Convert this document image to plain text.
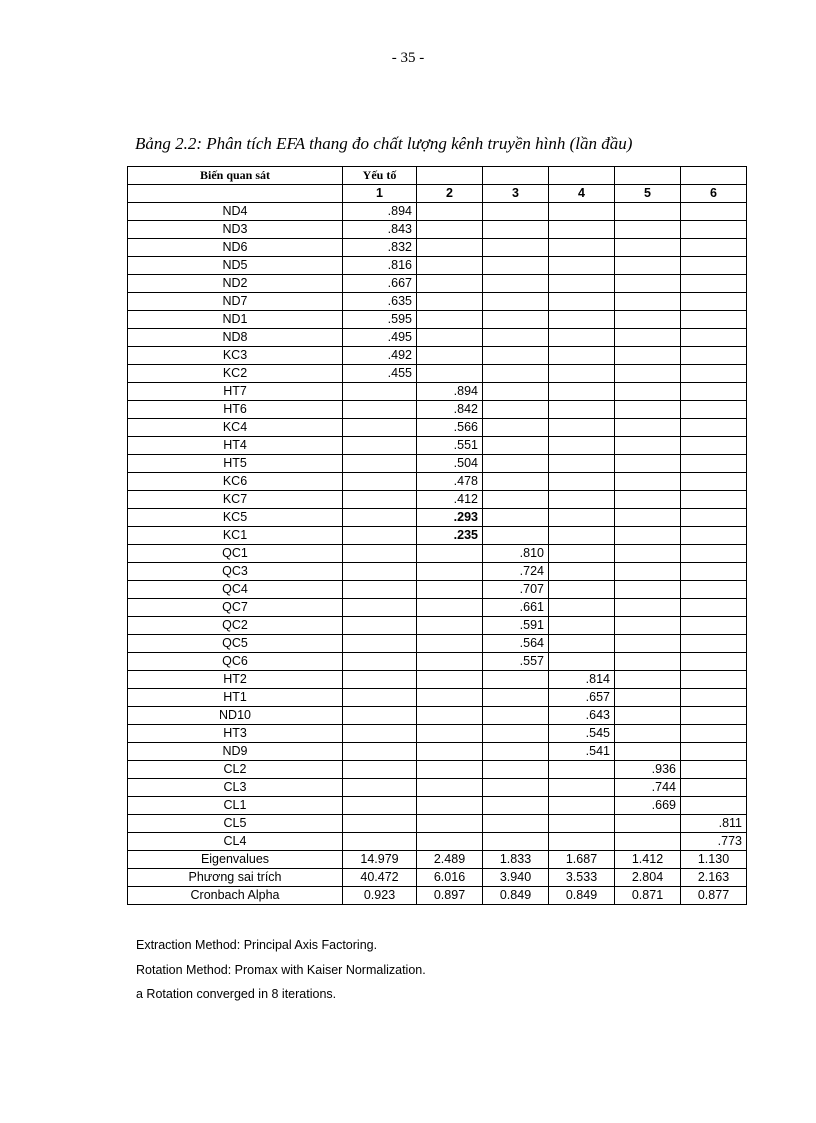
- 35 -
Bảng 2.2: Phân tích EFA thang đo chất lượng kênh truyền hình (lần đầu)
Biến quan sát	Yếu tố					
	1	2	3	4	5	6
ND4	.894					
ND3	.843					
ND6	.832					
ND5	.816					
ND2	.667					
ND7	.635					
ND1	.595					
ND8	.495					
KC3	.492					
KC2	.455					
HT7		.894				
HT6		.842				
KC4		.566				
HT4		.551				
HT5		.504				
KC6		.478				
KC7		.412				
KC5		.293				
KC1		.235				
QC1			.810			
QC3			.724			
QC4			.707			
QC7			.661			
QC2			.591			
QC5			.564			
QC6			.557			
HT2				.814		
HT1				.657		
ND10				.643		
HT3				.545		
ND9				.541		
CL2					.936	
CL3					.744	
CL1					.669	
CL5						.811
CL4						.773
Eigenvalues	14.979	2.489	1.833	1.687	1.412	1.130
Phương sai trích	40.472	6.016	3.940	3.533	2.804	2.163
Cronbach Alpha	0.923	0.897	0.849	0.849	0.871	0.877
Extraction Method: Principal Axis Factoring.
Rotation Method: Promax with Kaiser Normalization.
a Rotation converged in 8 iterations.
